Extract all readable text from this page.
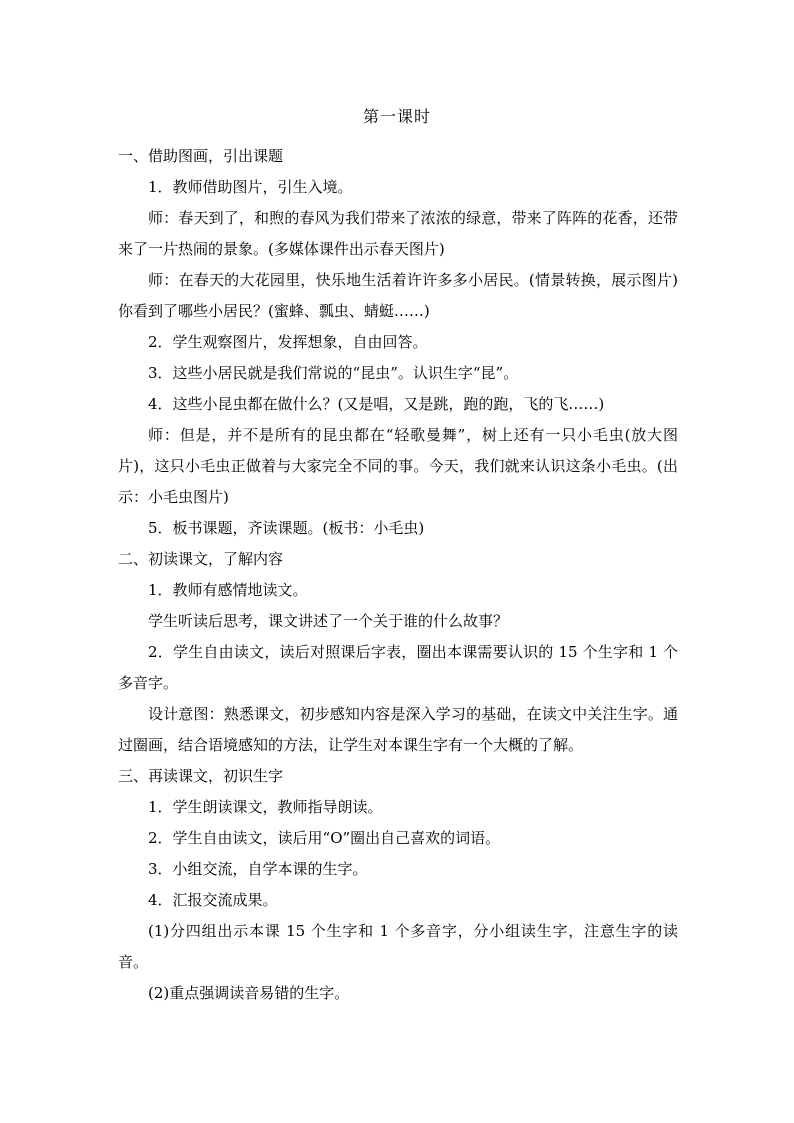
第一课时

一、借助图画，引出课题

1．教师借助图片，引生入境。

师：春天到了，和煦的春风为我们带来了浓浓的绿意，带来了阵阵的花香，还带来了一片热闹的景象。(多媒体课件出示春天图片)

师：在春天的大花园里，快乐地生活着许许多多小居民。(情景转换，展示图片)　你看到了哪些小居民？(蜜蜂、瓢虫、蜻蜓……)

2．学生观察图片，发挥想象，自由回答。

3．这些小居民就是我们常说的“昆虫”。认识生字“昆”。

4．这些小昆虫都在做什么？(又是唱，又是跳，跑的跑，飞的飞……)

师：但是，并不是所有的昆虫都在“轻歌曼舞”，树上还有一只小毛虫(放大图片)，这只小毛虫正做着与大家完全不同的事。今天，我们就来认识这条小毛虫。(出示：小毛虫图片)

5．板书课题，齐读课题。(板书：小毛虫)

二、初读课文，了解内容

1．教师有感情地读文。

学生听读后思考，课文讲述了一个关于谁的什么故事？

2．学生自由读文，读后对照课后字表，圈出本课需要认识的 15 个生字和 1 个多音字。

设计意图：熟悉课文，初步感知内容是深入学习的基础，在读文中关注生字。通过圈画，结合语境感知的方法，让学生对本课生字有一个大概的了解。

三、再读课文，初识生字

1．学生朗读课文，教师指导朗读。

2．学生自由读文，读后用“O”圈出自己喜欢的词语。

3．小组交流，自学本课的生字。

4．汇报交流成果。

(1)分四组出示本课 15 个生字和 1 个多音字，分小组读生字，注意生字的读音。

(2)重点强调读音易错的生字。
